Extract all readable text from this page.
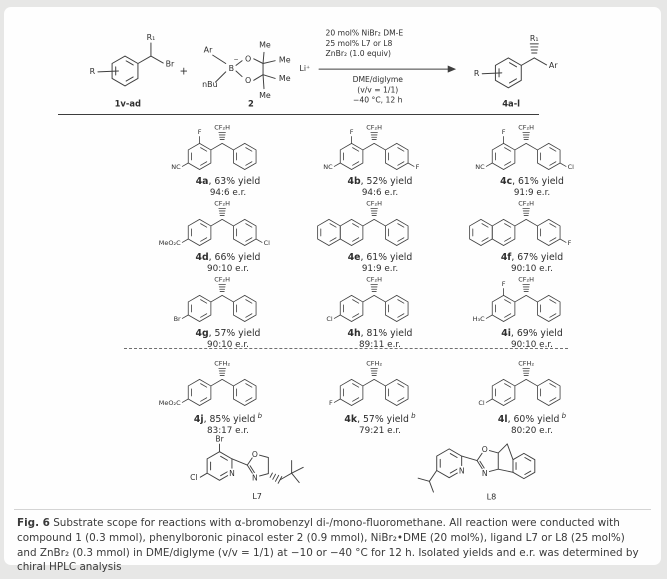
R
R₁
Br
1v-ad
+
Ar
nBu
B
− O
O
Me
Me
Me
Me
Li⁺
2
20 mol% NiBr₂ DM-E
25 mol% L7 or L8
ZnBr₂ (1.0 equiv)
DME/diglyme
(v/v = 1/1)
−40 °C, 12 h
R
R₁
Ar
4a-l
CF₂H
F
NC
4a, 63% yield
94:6 e.r.
CF₂H
F
NC	F
4b, 52% yield
94:6 e.r.
CF₂H
F
NC	Cl
4c, 61% yield
91:9 e.r.
CF₂H
MeO₂C	Cl
4d, 66% yield
90:10 e.r.
CF₂H
4e, 61% yield
91:9 e.r.
CF₂H
F
4f, 67% yield
90:10 e.r.
CF₂H
Br
4g, 57% yield
90:10 e.r.
CF₂H
Cl
4h, 81% yield
89:11 e.r.
CF₂H
F
H₃C
4i, 69% yield
90:10 e.r.
CFH₂
MeO₂C
4j, 85% yield $^b$
83:17 e.r.
CFH₂
F
4k, 57% yield $^b$
79:21 e.r.
CFH₂
Cl
4l, 60% yield $^b$
80:20 e.r.
Cl
Br
N
O
N
L7
N
O
N
L8
Fig. 6 Substrate scope for reactions with α-bromobenzyl di-/mono-fluoromethane. All reaction were conducted with compound 1 (0.3 mmol), phenylboronic pinacol ester 2 (0.9 mmol), NiBr₂•DME (20 mol%), ligand L7 or L8 (25 mol%) and ZnBr₂ (0.3 mmol) in DME/diglyme (v/v = 1/1) at −10 or −40 °C for 12 h. Isolated yields and e.r. was determined by chiral HPLC analysis
